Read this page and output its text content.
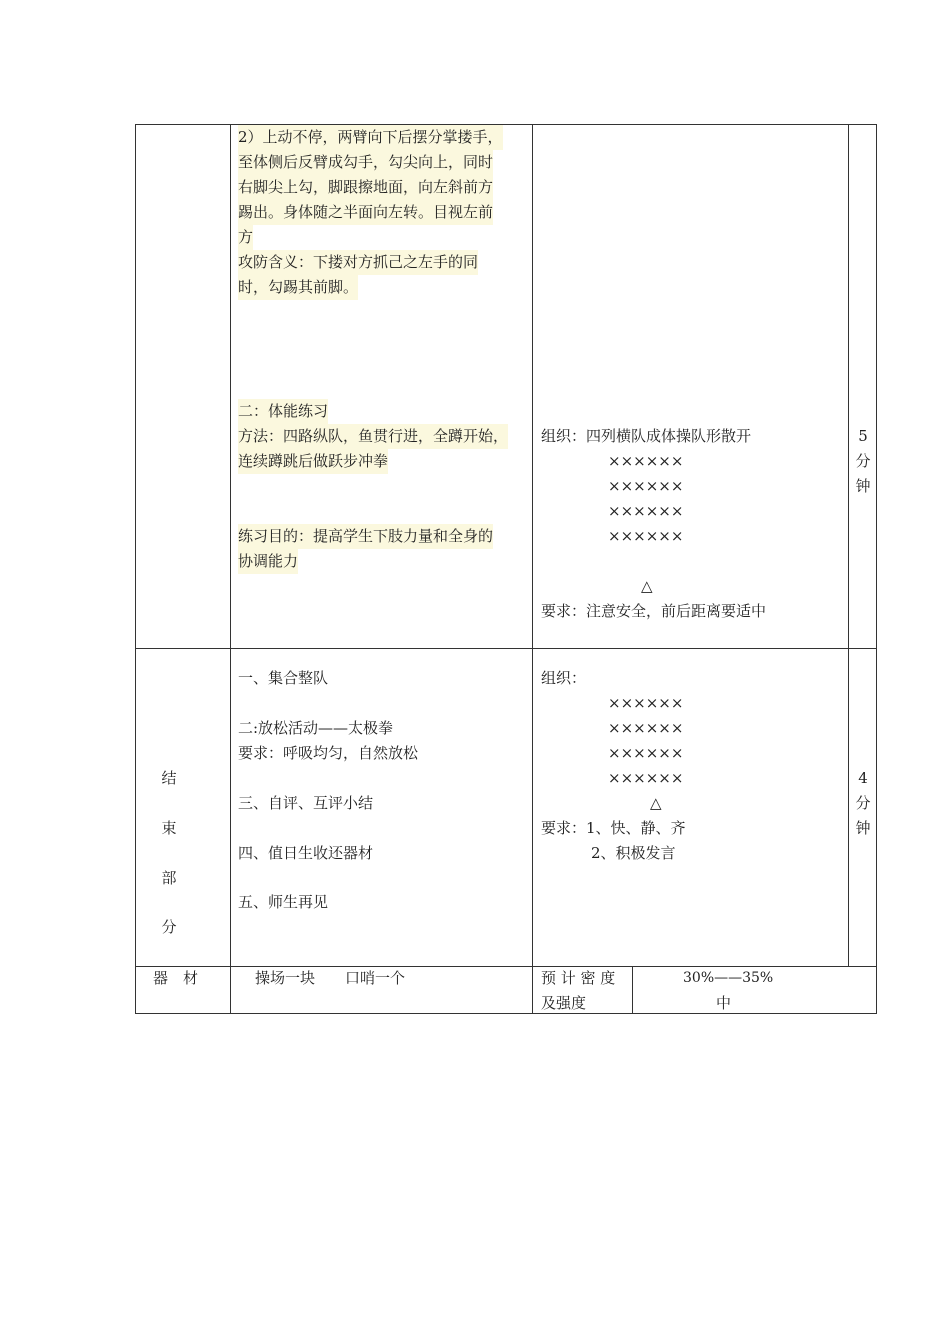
2）上动不停，两臂向下后摆分掌搂手，
至体侧后反臂成勾手，勾尖向上，同时
右脚尖上勾，脚跟擦地面，向左斜前方
踢出。身体随之半面向左转。目视左前
方
攻防含义：下搂对方抓己之左手的同
时，勾踢其前脚。
二：体能练习
方法：四路纵队，鱼贯行进，全蹲开始，
连续蹲跳后做跃步冲拳
练习目的：提高学生下肢力量和全身的
协调能力
组织：四列横队成体操队形散开
××××××
××××××
××××××
××××××
△
要求：注意安全，前后距离要适中
5
分
钟
结
束
部
分
一、集合整队
二:放松活动——太极拳
要求：呼吸均匀，自然放松
三、自评、互评小结
四、值日生收还器材
五、师生再见
组织：
××××××
××××××
××××××
××××××
△
要求：1、快、静、齐
2、积极发言
4
分
钟
器　材	操场一块　　口哨一个	预 计 密 度
及强度
30%——35%
中
